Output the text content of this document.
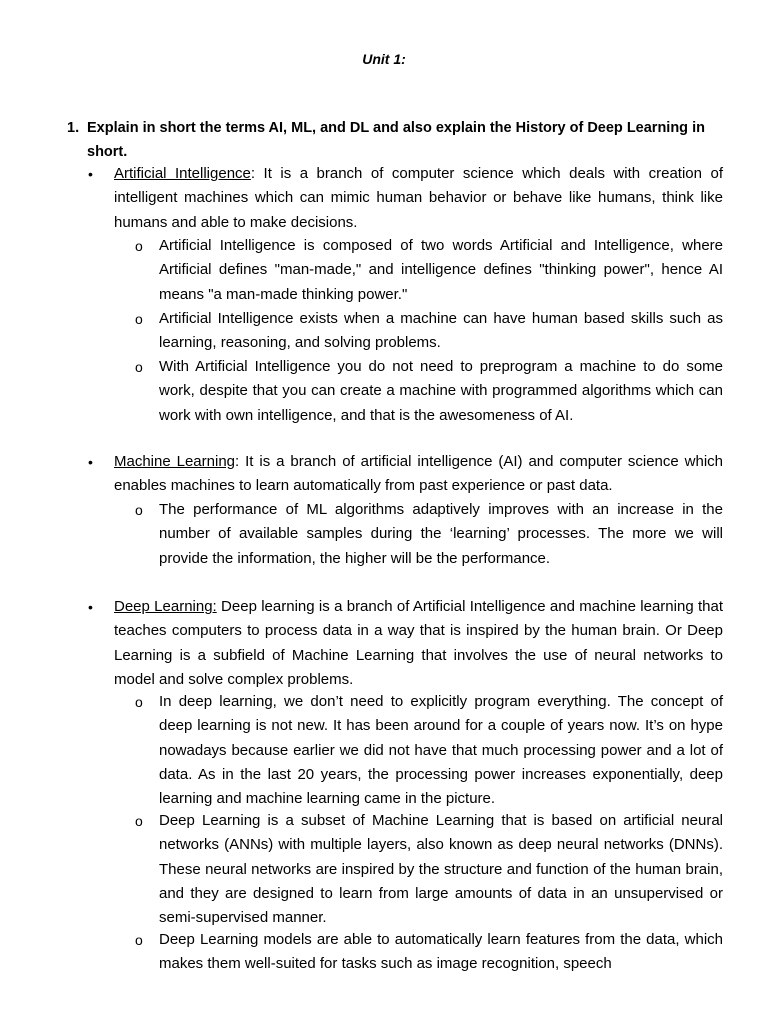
Unit 1:
1. Explain in short the terms AI, ML, and DL and also explain the History of Deep Learning in short.
• Artificial Intelligence: It is a branch of computer science which deals with creation of intelligent machines which can mimic human behavior or behave like humans, think like humans and able to make decisions.
o Artificial Intelligence is composed of two words Artificial and Intelligence, where Artificial defines "man-made," and intelligence defines "thinking power", hence AI means "a man-made thinking power."
o Artificial Intelligence exists when a machine can have human based skills such as learning, reasoning, and solving problems.
o With Artificial Intelligence you do not need to preprogram a machine to do some work, despite that you can create a machine with programmed algorithms which can work with own intelligence, and that is the awesomeness of AI.
• Machine Learning: It is a branch of artificial intelligence (AI) and computer science which enables machines to learn automatically from past experience or past data.
o The performance of ML algorithms adaptively improves with an increase in the number of available samples during the ‘learning’ processes. The more we will provide the information, the higher will be the performance.
• Deep Learning: Deep learning is a branch of Artificial Intelligence and machine learning that teaches computers to process data in a way that is inspired by the human brain. Or Deep Learning is a subfield of Machine Learning that involves the use of neural networks to model and solve complex problems.
o In deep learning, we don’t need to explicitly program everything. The concept of deep learning is not new. It has been around for a couple of years now. It’s on hype nowadays because earlier we did not have that much processing power and a lot of data. As in the last 20 years, the processing power increases exponentially, deep learning and machine learning came in the picture.
o Deep Learning is a subset of Machine Learning that is based on artificial neural networks (ANNs) with multiple layers, also known as deep neural networks (DNNs). These neural networks are inspired by the structure and function of the human brain, and they are designed to learn from large amounts of data in an unsupervised or semi-supervised manner.
o Deep Learning models are able to automatically learn features from the data, which makes them well-suited for tasks such as image recognition, speech
